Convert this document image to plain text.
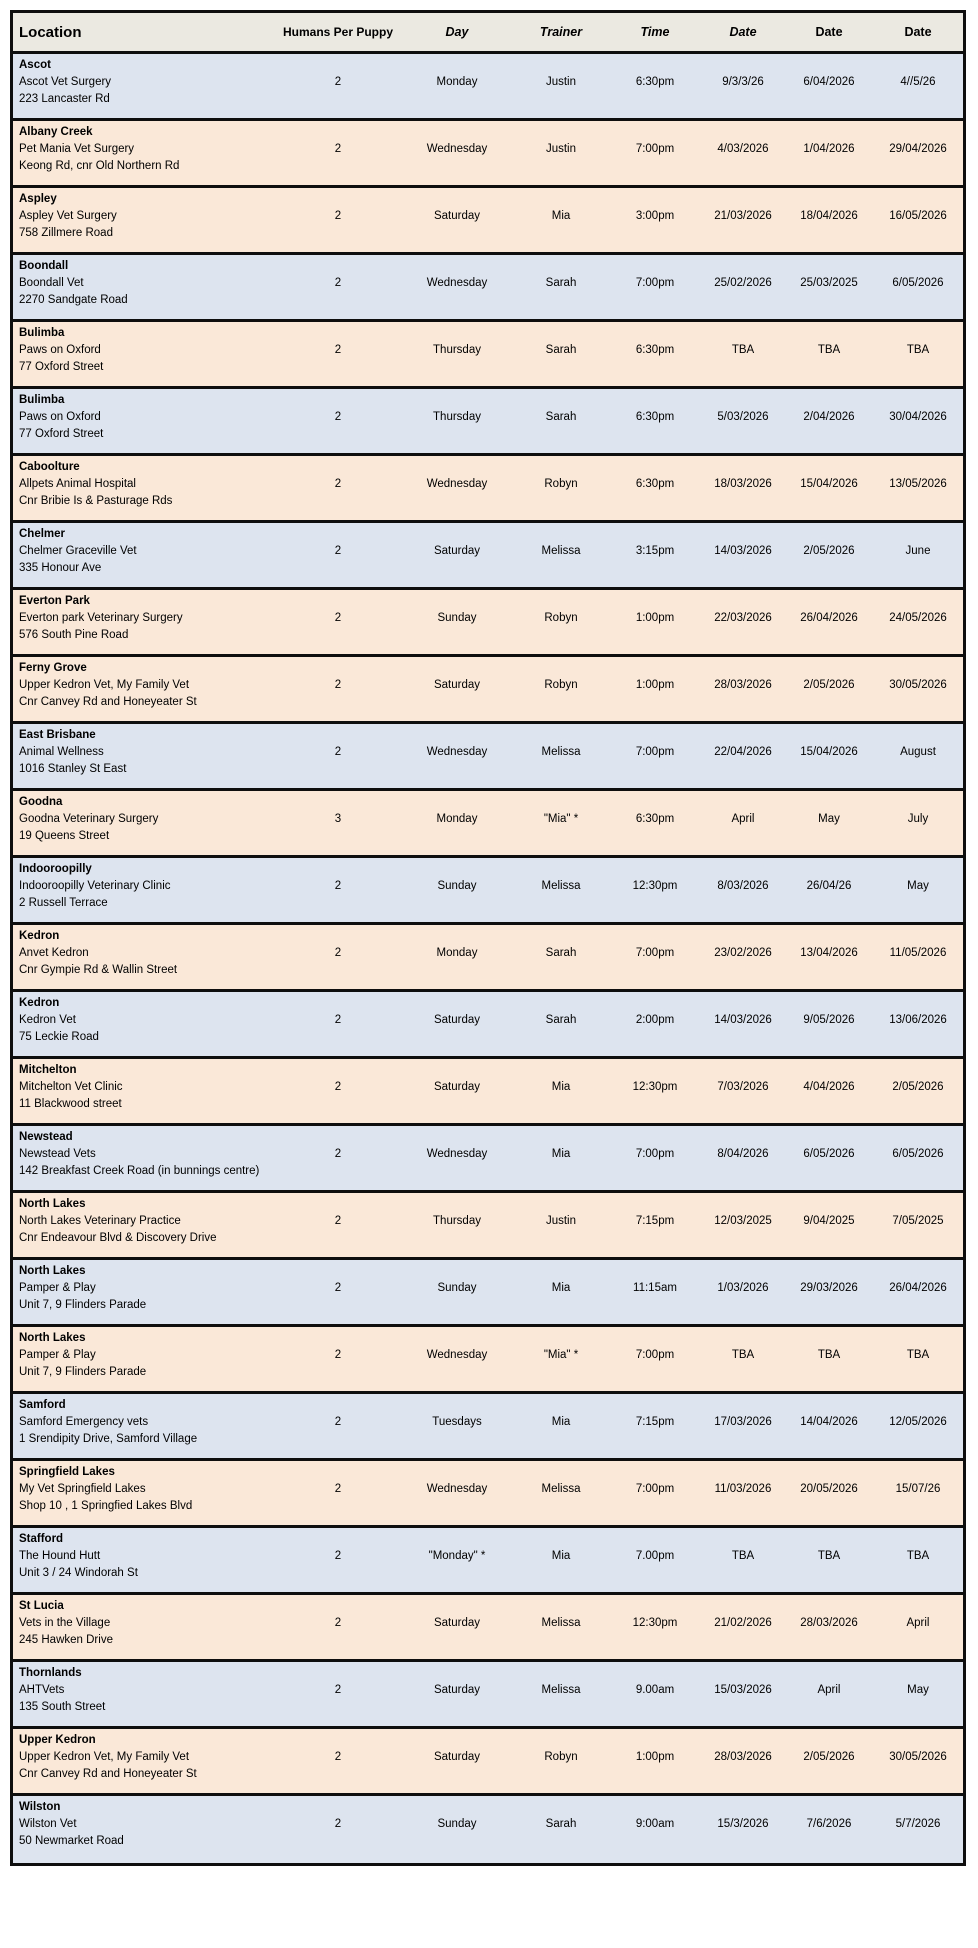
Location	Humans Per Puppy	Day	Trainer	Time	Date	Date	Date
Ascot
Ascot Vet Surgery
223 Lancaster Rd
2	Monday	Justin	6:30pm	9/3/3/26	6/04/2026	4//5/26
Albany Creek
Pet Mania Vet Surgery
Keong Rd, cnr Old Northern Rd
2	Wednesday	Justin	7:00pm	4/03/2026	1/04/2026	29/04/2026
Aspley
Aspley Vet Surgery
758 Zillmere Road
2	Saturday	Mia	3:00pm	21/03/2026	18/04/2026	16/05/2026
Boondall
Boondall Vet
2270 Sandgate Road
2	Wednesday	Sarah	7:00pm	25/02/2026	25/03/2025	6/05/2026
Bulimba
Paws on Oxford
77 Oxford Street
2	Thursday	Sarah	6:30pm	TBA	TBA	TBA
Bulimba
Paws on Oxford
77 Oxford Street
2	Thursday	Sarah	6:30pm	5/03/2026	2/04/2026	30/04/2026
Caboolture
Allpets Animal Hospital
Cnr Bribie Is & Pasturage Rds
2	Wednesday	Robyn	6:30pm	18/03/2026	15/04/2026	13/05/2026
Chelmer
Chelmer Graceville Vet
335 Honour Ave
2	Saturday	Melissa	3:15pm	14/03/2026	2/05/2026	June
Everton Park
Everton park Veterinary Surgery
576 South Pine Road
2	Sunday	Robyn	1:00pm	22/03/2026	26/04/2026	24/05/2026
Ferny Grove
Upper Kedron Vet, My Family Vet
Cnr Canvey Rd and Honeyeater St
2	Saturday	Robyn	1:00pm	28/03/2026	2/05/2026	30/05/2026
East Brisbane
Animal Wellness
1016 Stanley St East
2	Wednesday	Melissa	7:00pm	22/04/2026	15/04/2026	August
Goodna
Goodna Veterinary Surgery
19 Queens Street
3	Monday	"Mia" *	6:30pm	April	May	July
Indooroopilly
Indooroopilly Veterinary Clinic
2 Russell Terrace
2	Sunday	Melissa	12:30pm	8/03/2026	26/04/26	May
Kedron
Anvet Kedron
Cnr Gympie Rd & Wallin Street
2	Monday	Sarah	7:00pm	23/02/2026	13/04/2026	11/05/2026
Kedron
Kedron Vet
75 Leckie Road
2	Saturday	Sarah	2:00pm	14/03/2026	9/05/2026	13/06/2026
Mitchelton
Mitchelton Vet Clinic
11 Blackwood street
2	Saturday	Mia	12:30pm	7/03/2026	4/04/2026	2/05/2026
Newstead
Newstead Vets
142 Breakfast Creek Road (in bunnings centre)
2	Wednesday	Mia	7:00pm	8/04/2026	6/05/2026	6/05/2026
North Lakes
North Lakes Veterinary Practice
Cnr Endeavour Blvd & Discovery Drive
2	Thursday	Justin	7:15pm	12/03/2025	9/04/2025	7/05/2025
North Lakes
Pamper & Play
Unit 7, 9 Flinders Parade
2	Sunday	Mia	11:15am	1/03/2026	29/03/2026	26/04/2026
North Lakes
Pamper & Play
Unit 7, 9 Flinders Parade
2	Wednesday	"Mia" *	7:00pm	TBA	TBA	TBA
Samford
Samford Emergency vets
1 Srendipity Drive, Samford Village
2	Tuesdays	Mia	7:15pm	17/03/2026	14/04/2026	12/05/2026
Springfield Lakes
My Vet Springfield Lakes
Shop 10 , 1 Springfied Lakes Blvd
2	Wednesday	Melissa	7:00pm	11/03/2026	20/05/2026	15/07/26
Stafford
The Hound Hutt
Unit 3 / 24 Windorah St
2	"Monday" *	Mia	7.00pm	TBA	TBA	TBA
St Lucia
Vets in the Village
245 Hawken Drive
2	Saturday	Melissa	12:30pm	21/02/2026	28/03/2026	April
Thornlands
AHTVets
135 South Street
2	Saturday	Melissa	9.00am	15/03/2026	April	May
Upper Kedron
Upper Kedron Vet, My Family Vet
Cnr Canvey Rd and Honeyeater St
2	Saturday	Robyn	1:00pm	28/03/2026	2/05/2026	30/05/2026
Wilston
Wilston Vet
50 Newmarket Road
2	Sunday	Sarah	9:00am	15/3/2026	7/6/2026	5/7/2026
